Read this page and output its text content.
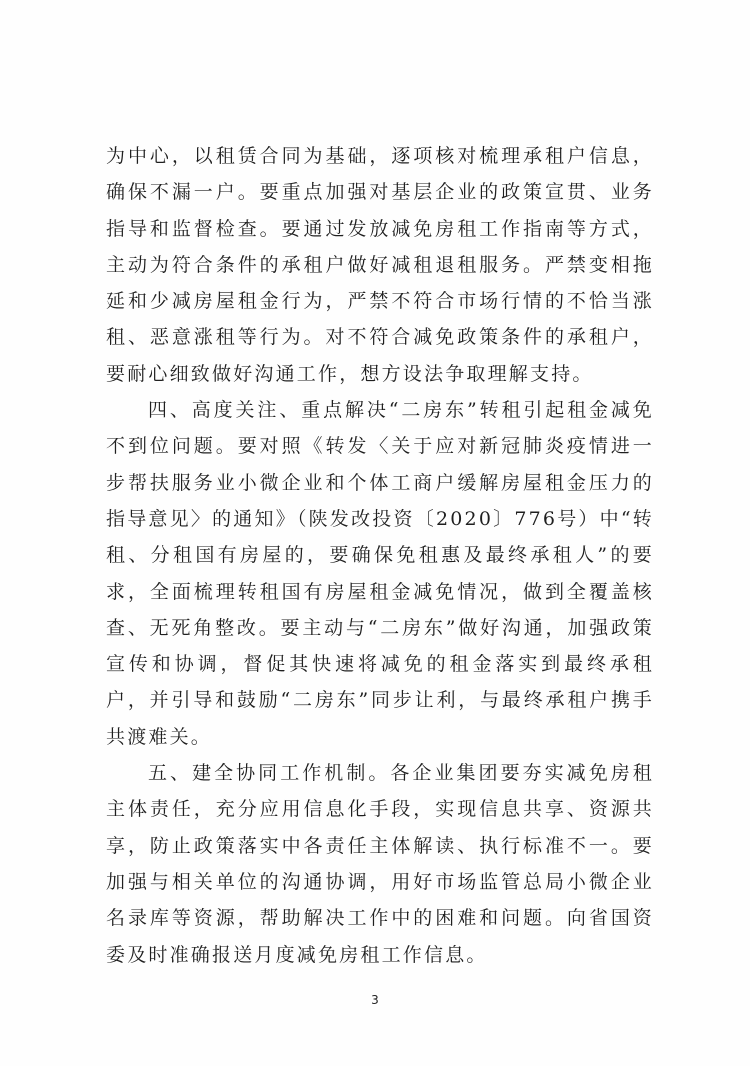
为中心，以租赁合同为基础，逐项核对梳理承租户信息，确保不漏一户。要重点加强对基层企业的政策宣贯、业务指导和监督检查。要通过发放减免房租工作指南等方式，主动为符合条件的承租户做好减租退租服务。严禁变相拖延和少减房屋租金行为，严禁不符合市场行情的不恰当涨租、恶意涨租等行为。对不符合减免政策条件的承租户，要耐心细致做好沟通工作，想方设法争取理解支持。

四、高度关注、重点解决“二房东”转租引起租金减免不到位问题。要对照《转发〈关于应对新冠肺炎疫情进一步帮扶服务业小微企业和个体工商户缓解房屋租金压力的指导意见〉的通知》（陕发改投资〔2020〕776号）中“转租、分租国有房屋的，要确保免租惠及最终承租人”的要求，全面梳理转租国有房屋租金减免情况，做到全覆盖核查、无死角整改。要主动与“二房东”做好沟通，加强政策宣传和协调，督促其快速将减免的租金落实到最终承租户，并引导和鼓励“二房东”同步让利，与最终承租户携手共渡难关。

五、建全协同工作机制。各企业集团要夯实减免房租主体责任，充分应用信息化手段，实现信息共享、资源共享，防止政策落实中各责任主体解读、执行标准不一。要加强与相关单位的沟通协调，用好市场监管总局小微企业名录库等资源，帮助解决工作中的困难和问题。向省国资委及时准确报送月度减免房租工作信息。

3
